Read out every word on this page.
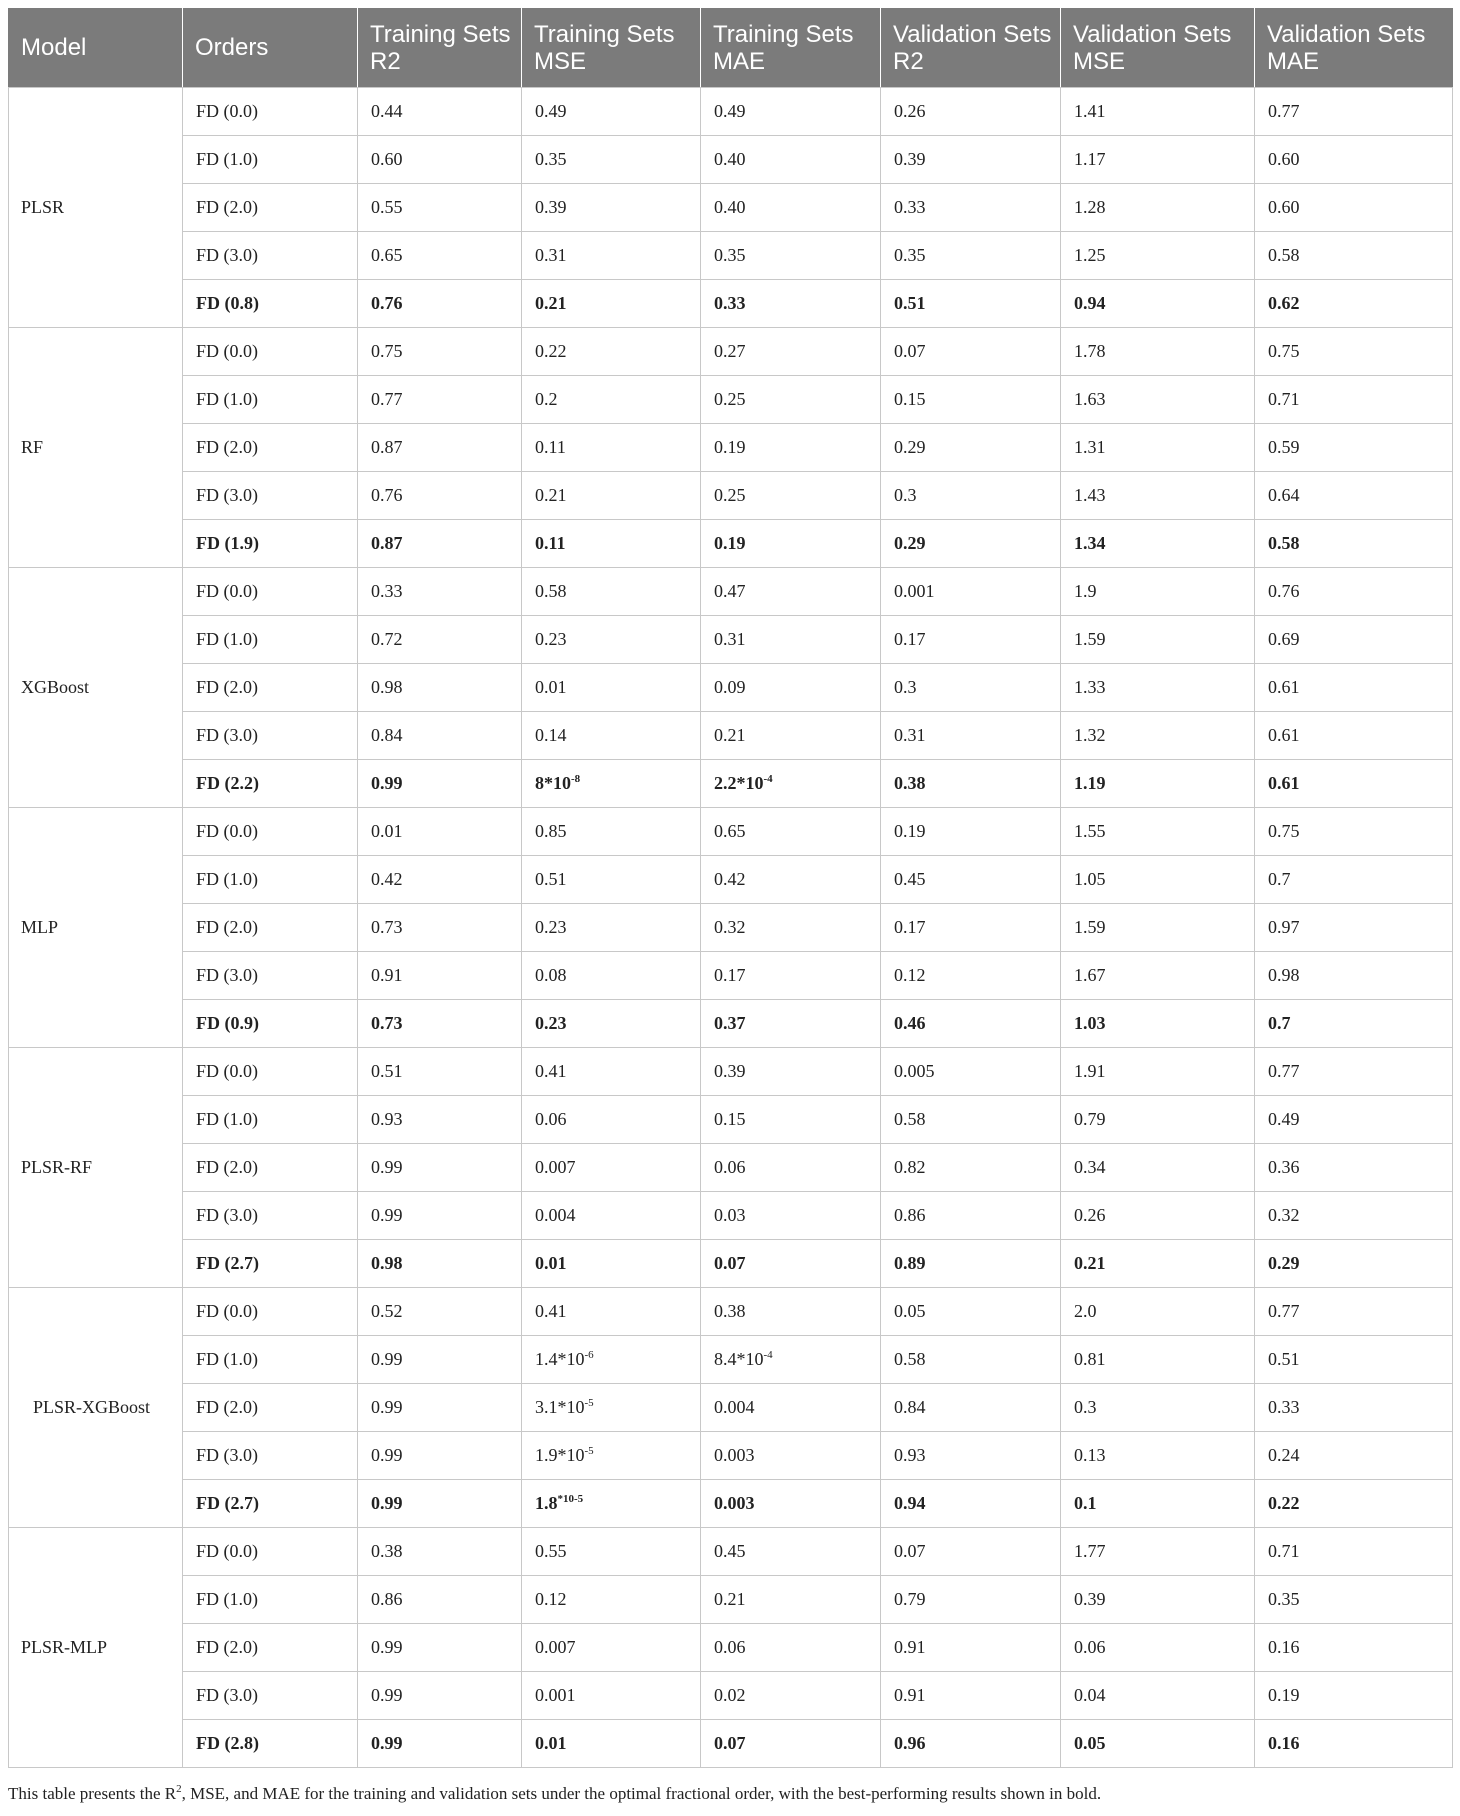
Model	Orders	Training Sets R2	Training Sets MSE	Training Sets MAE	Validation Sets R2	Validation Sets MSE	Validation Sets MAE
PLSR	FD (0.0)	0.44	0.49	0.49	0.26	1.41	0.77
	FD (1.0)	0.60	0.35	0.40	0.39	1.17	0.60
	FD (2.0)	0.55	0.39	0.40	0.33	1.28	0.60
	FD (3.0)	0.65	0.31	0.35	0.35	1.25	0.58
	FD (0.8)	0.76	0.21	0.33	0.51	0.94	0.62
RF	FD (0.0)	0.75	0.22	0.27	0.07	1.78	0.75
	FD (1.0)	0.77	0.2	0.25	0.15	1.63	0.71
	FD (2.0)	0.87	0.11	0.19	0.29	1.31	0.59
	FD (3.0)	0.76	0.21	0.25	0.3	1.43	0.64
	FD (1.9)	0.87	0.11	0.19	0.29	1.34	0.58
XGBoost	FD (0.0)	0.33	0.58	0.47	0.001	1.9	0.76
	FD (1.0)	0.72	0.23	0.31	0.17	1.59	0.69
	FD (2.0)	0.98	0.01	0.09	0.3	1.33	0.61
	FD (3.0)	0.84	0.14	0.21	0.31	1.32	0.61
	FD (2.2)	0.99	$8*10^{-8}$	$2.2*10^{-4}$	0.38	1.19	0.61
MLP	FD (0.0)	0.01	0.85	0.65	0.19	1.55	0.75
	FD (1.0)	0.42	0.51	0.42	0.45	1.05	0.7
	FD (2.0)	0.73	0.23	0.32	0.17	1.59	0.97
	FD (3.0)	0.91	0.08	0.17	0.12	1.67	0.98
	FD (0.9)	0.73	0.23	0.37	0.46	1.03	0.7
PLSR-RF	FD (0.0)	0.51	0.41	0.39	0.005	1.91	0.77
	FD (1.0)	0.93	0.06	0.15	0.58	0.79	0.49
	FD (2.0)	0.99	0.007	0.06	0.82	0.34	0.36
	FD (3.0)	0.99	0.004	0.03	0.86	0.26	0.32
	FD (2.7)	0.98	0.01	0.07	0.89	0.21	0.29
PLSR-XGBoost	FD (0.0)	0.52	0.41	0.38	0.05	2.0	0.77
	FD (1.0)	0.99	$1.4*10^{-6}$	$8.4*10^{-4}$	0.58	0.81	0.51
	FD (2.0)	0.99	$3.1*10^{-5}$	0.004	0.84	0.3	0.33
	FD (3.0)	0.99	$1.9*10^{-5}$	0.003	0.93	0.13	0.24
	FD (2.7)	0.99	1.8$^{*10-5}$	0.003	0.94	0.1	0.22
PLSR-MLP	FD (0.0)	0.38	0.55	0.45	0.07	1.77	0.71
	FD (1.0)	0.86	0.12	0.21	0.79	0.39	0.35
	FD (2.0)	0.99	0.007	0.06	0.91	0.06	0.16
	FD (3.0)	0.99	0.001	0.02	0.91	0.04	0.19
	FD (2.8)	0.99	0.01	0.07	0.96	0.05	0.16
This table presents the $R^2$, MSE, and MAE for the training and validation sets under the optimal fractional order, with the best-performing results shown in bold.
